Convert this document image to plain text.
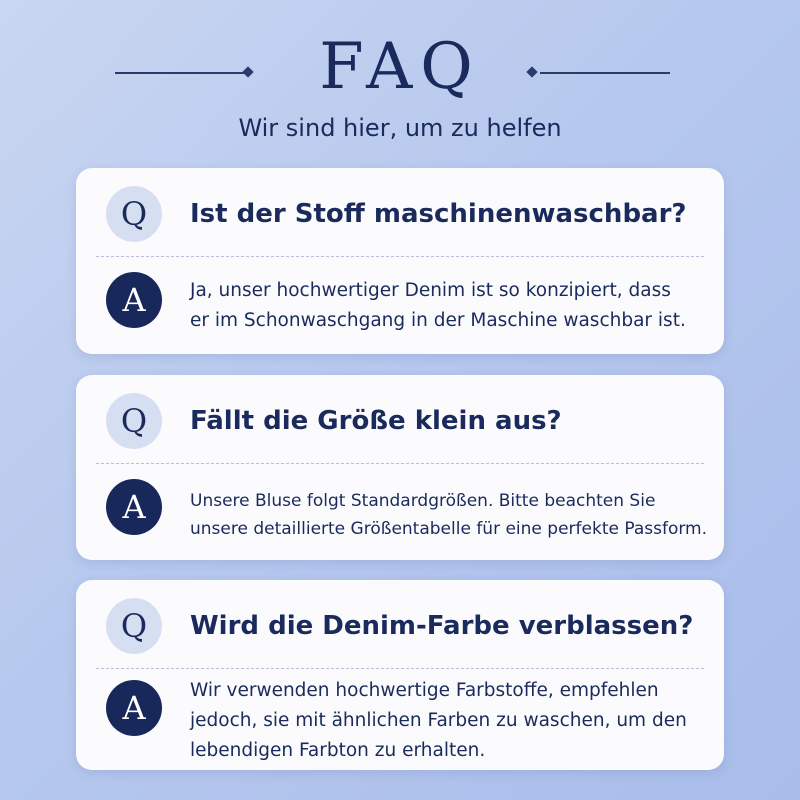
FAQ
Wir sind hier, um zu helfen
Q	Ist der Stoff maschinenwaschbar?
A	Ja, unser hochwertiger Denim ist so konzipiert, dass
er im Schonwaschgang in der Maschine waschbar ist.
Q	Fällt die Größe klein aus?
A	Unsere Bluse folgt Standardgrößen. Bitte beachten Sie
unsere detaillierte Größentabelle für eine perfekte Passform.
Q	Wird die Denim-Farbe verblassen?
A	Wir verwenden hochwertige Farbstoffe, empfehlen
jedoch, sie mit ähnlichen Farben zu waschen, um den
lebendigen Farbton zu erhalten.
